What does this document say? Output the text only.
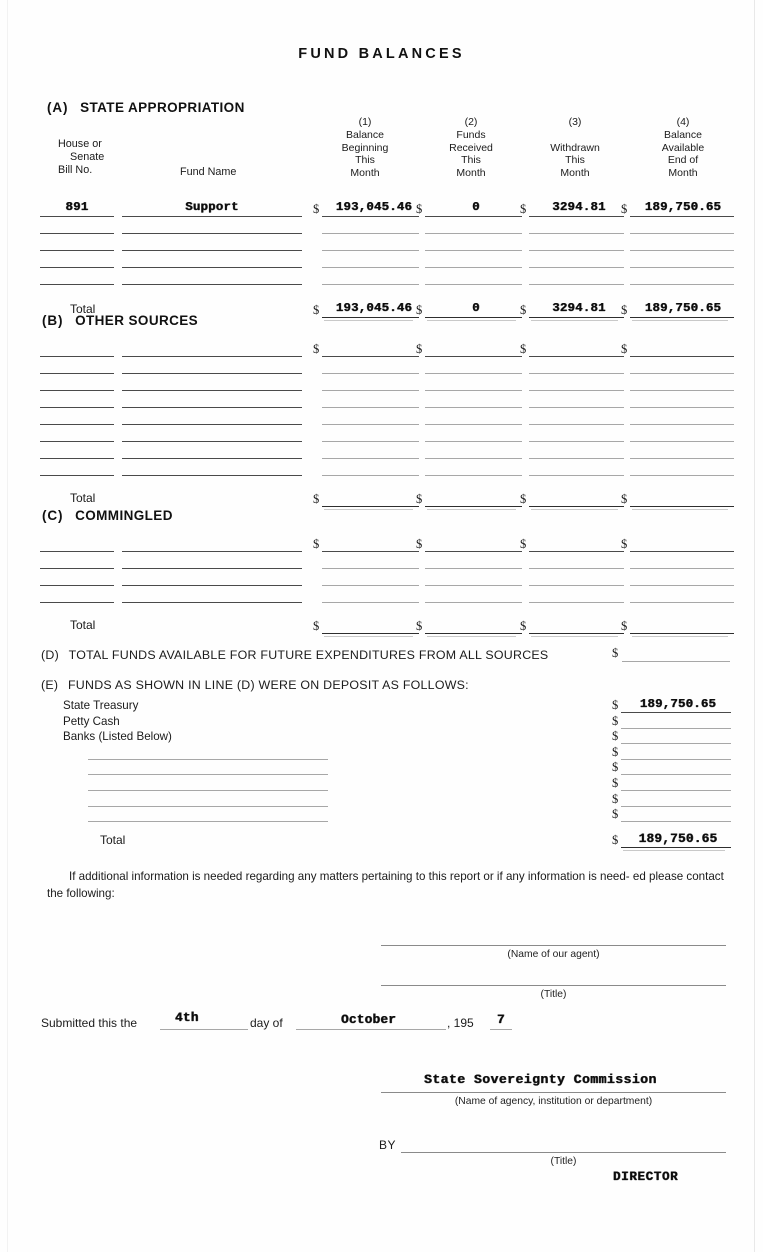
FUND BALANCES
(A) STATE APPROPRIATION
House or
Senate
Bill No.	Fund Name
(1)
Balance
Beginning
This
Month
(2)
Funds
Received
This
Month
(3)
Withdrawn
This
Month
(4)
Balance
Available
End of
Month
891	Support	$	193,045.46 $	0	$	3294.81	$	189,750.65
Total	$	193,045.46 $	0	$	3294.81	$	189,750.65
(B) OTHER SOURCES
$	$	$	$
Total	$	$	$	$
(C) COMMINGLED
$	$	$	$
Total	$	$	$	$
(D) TOTAL FUNDS AVAILABLE FOR FUTURE EXPENDITURES FROM ALL SOURCES	$
(E) FUNDS AS SHOWN IN LINE (D) WERE ON DEPOSIT AS FOLLOWS:
State Treasury	$	189,750.65
Petty Cash	$
Banks (Listed Below)	$
$
$
$
$
$
Total	$	189,750.65
If additional information is needed regarding any matters pertaining to this report or if any information is need- ed please contact the following:
(Name of our agent)
(Title)
Submitted this the	4th	day of	October	, 195 7
State Sovereignty Commission
(Name of agency, institution or department)
BY
(Title)
DIRECTOR
